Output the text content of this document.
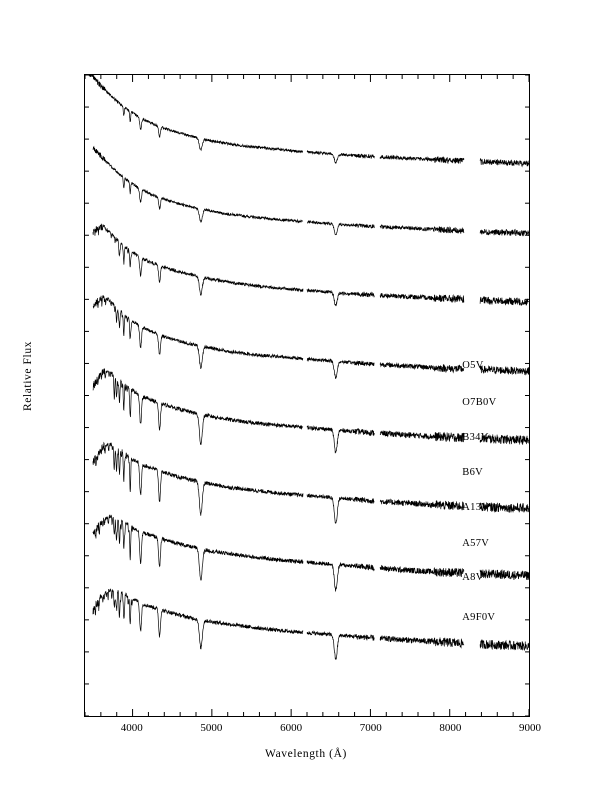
Relative Flux
Wavelength (Å)
4000	5000	6000	7000	8000	9000
O5V
O7B0V
B34V
B6V
A13V
A57V
A8V
A9F0V
